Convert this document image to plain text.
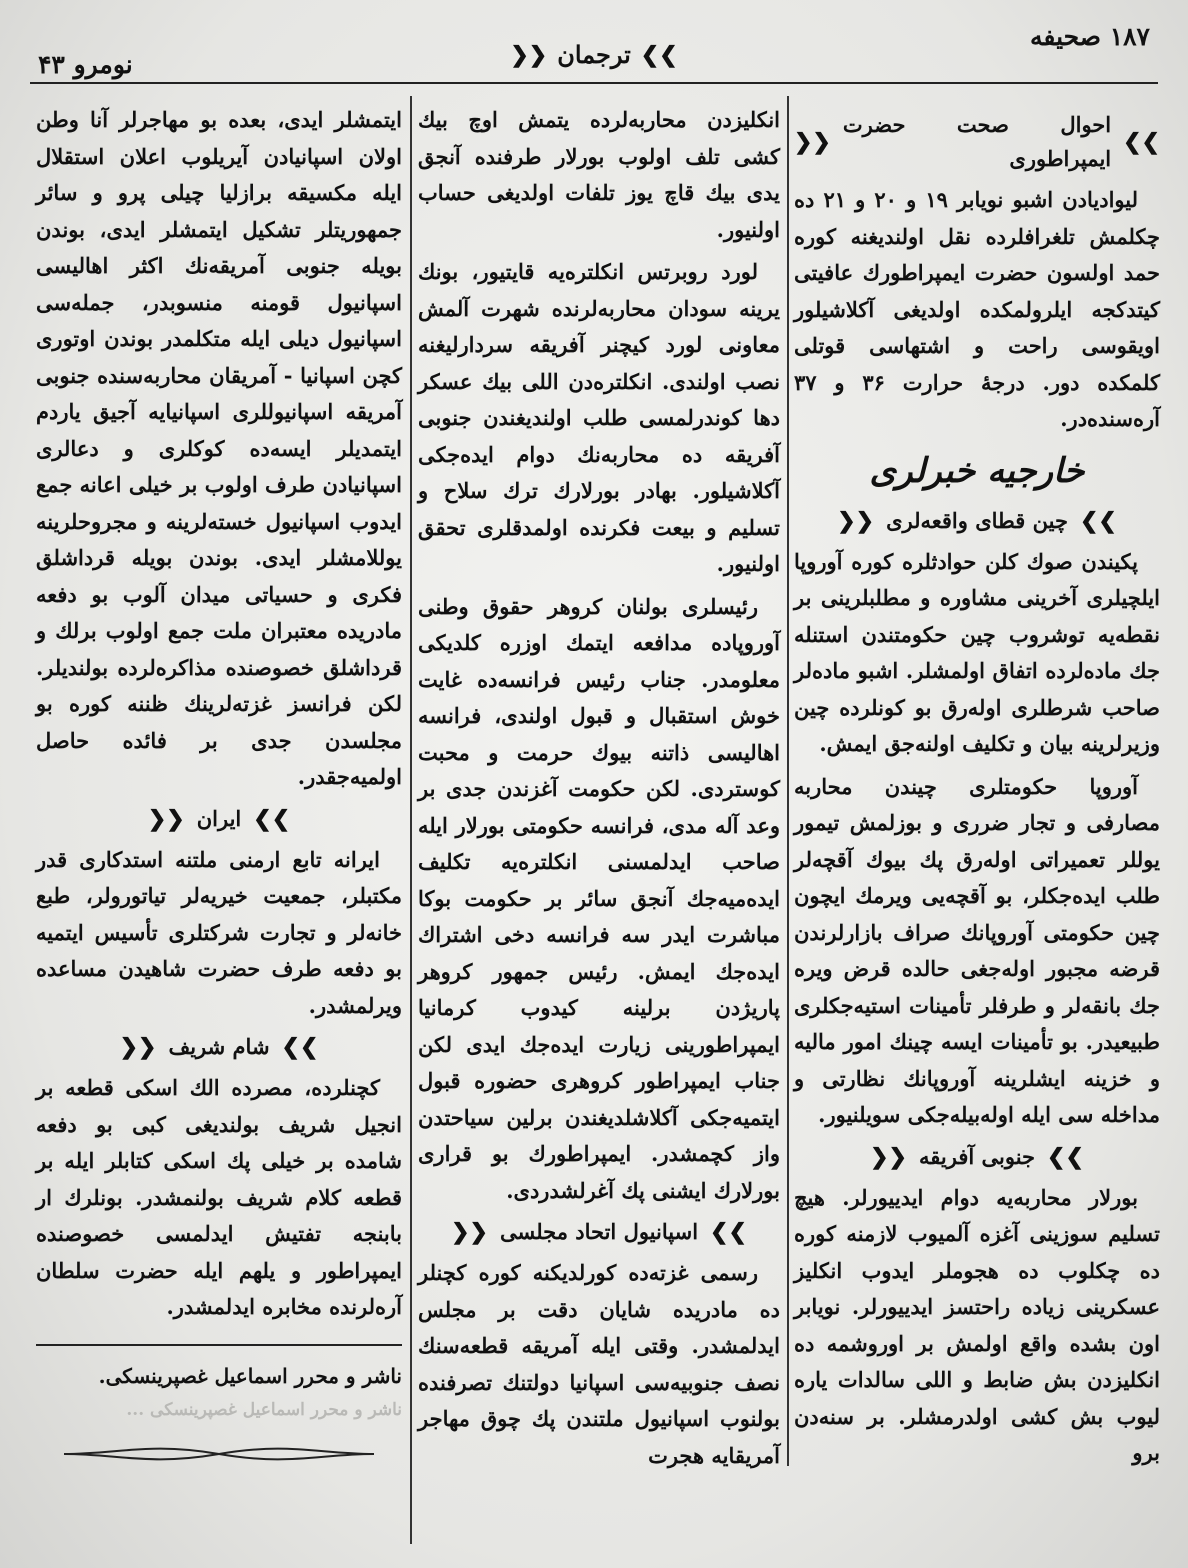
۱۸۷ صحیفه
❯❯
ترجمان
❮❮
نومرو ۴۳
❯❯
احوال صحت حضرت ایمپراطوری
❮❮

لیوادیادن اشبو نویابر ۱۹ و ۲۰ و ۲۱ ده چکلمش تلغرافلرده نقل اولندیغنه کوره حمد اولسون حضرت ایمپراطورك عافیتی کیتدکجه ایلرولمکده اولدیغی آکلاشیلور اویقوسی راحت و اشتهاسی قوتلی کلمکده دور. درجهٔ حرارت ۳۶ و ۳۷ آره‌سنده‌در.

خارجیه خبرلری
❯❯
چین قطای واقعه‌لری
❮❮

پکیندن صوك کلن حوادثلره کوره آوروپا ایلچیلری آخرینی مشاوره و مطلبلرینی بر نقطه‌یه توشروب چین حکومتندن استنله جك ماده‌لرده اتفاق اولمشلر. اشبو ماده‌لر صاحب شرطلری اوله‌رق بو کونلرده چین وزیرلرینه بیان و تکلیف اولنه‌جق ایمش.

آوروپا حکومتلری چیندن محاربه مصارفی و تجار ضرری و بوزلمش تیمور یوللر تعمیراتی اوله‌رق پك بیوك آقچه‌لر طلب ایده‌جکلر، بو آقچه‌یی ویرمك ایچون چین حکومتی آوروپانك صراف بازارلرندن قرضه مجبور اوله‌جغی حالده قرض ویره جك بانقه‌لر و طرفلر تأمینات استیه‌جکلری طبیعیدر. بو تأمینات ایسه چینك امور مالیه و خزینه ایشلرینه آوروپانك نظارتی و مداخله سی ایله اوله‌بیله‌جکی سویلنیور.

❯❯
جنوبی آفریقه
❮❮

بورلار محاربه‌یه دوام ایدییورلر. هیچ تسلیم سوزینی آغزه آلمیوب لازمنه کوره ده چکلوب ده هجوملر ایدوب انکلیز عسکرینی زیاده راحتسز ایدییورلر. نویابر اون بشده واقع اولمش بر اوروشمه ده انکلیزدن بش ضابط و اللی سالدات یاره لیوب بش کشی اولدرمشلر. بر سنه‌دن برو

انکلیزدن محاربه‌لرده یتمش اوچ بیك کشی تلف اولوب بورلار طرفنده آنجق یدی بیك قاچ یوز تلفات اولدیغی حساب اولنیور.

لورد روبرتس انکلتره‌یه قایتیور، بونك یرینه سودان محاربه‌لرنده شهرت آلمش معاونی لورد کیچنر آفریقه سردارلیغنه نصب اولندی. انکلتره‌دن اللی بیك عسکر دها کوندرلمسی طلب اولندیغندن جنوبی آفریقه ده محاربه‌نك دوام ایده‌جکی آکلاشیلور. بهادر بورلارك ترك سلاح و تسلیم و بیعت فکرنده اولمدقلری تحقق اولنیور.

رئیسلری بولنان کروهر حقوق وطنی آوروپاده مدافعه ایتمك اوزره کلدیکی معلومدر. جناب رئیس فرانسه‌ده غایت خوش استقبال و قبول اولندی، فرانسه اهالیسی ذاتنه بیوك حرمت و محبت کوستردی. لکن حکومت آغزندن جدی بر وعد آله مدی، فرانسه حکومتی بورلار ایله صاحب ایدلمسنی انکلتره‌یه تکلیف ایده‌میه‌جك آنجق سائر بر حکومت بوکا مباشرت ایدر سه فرانسه دخی اشتراك ایده‌جك ایمش. رئیس جمهور کروهر پاریژدن برلینه کیدوب کرمانیا ایمپراطورینی زیارت ایده‌جك ایدی لکن جناب ایمپراطور کروهری حضوره قبول ایتمیه‌جکی آکلاشلدیغندن برلین سیاحتدن واز کچمشدر. ایمپراطورك بو قراری بورلارك ایشنی پك آغرلشدردی.

❯❯
اسپانیول اتحاد مجلسی
❮❮

رسمی غزته‌ده کورلدیکنه کوره کچنلر ده مادریده شایان دقت بر مجلس ایدلمشدر. وقتی ایله آمریقه قطعه‌سنك نصف جنوبیه‌سی اسپانیا دولتنك تصرفنده بولنوب اسپانیول ملتندن پك چوق مهاجر آمریقایه هجرت

ایتمشلر ایدی، بعده بو مهاجرلر آنا وطن اولان اسپانیادن آیریلوب اعلان استقلال ایله مکسیقه برازلیا چیلی پرو و سائر جمهوریتلر تشکیل ایتمشلر ایدی، بوندن بویله جنوبی آمریقه‌نك اکثر اهالیسی اسپانیول قومنه منسوبدر، جمله‌سی اسپانیول دیلی ایله متکلمدر بوندن اوتوری کچن اسپانیا - آمریقان محاربه‌سنده جنوبی آمریقه اسپانیوللری اسپانیایه آجیق یاردم ایتمدیلر ایسه‌ده کوکلری و دعالری اسپانیادن طرف اولوب بر خیلی اعانه جمع ایدوب اسپانیول خسته‌لرینه و مجروحلرینه یوللامشلر ایدی. بوندن بویله قرداشلق فکری و حسیاتی میدان آلوب بو دفعه مادریده معتبران ملت جمع اولوب برلك و قرداشلق خصوصنده مذاکره‌لرده بولندیلر. لکن فرانسز غزته‌لرینك ظننه کوره بو مجلسدن جدی بر فائده حاصل اولمیه‌جقدر.

❯❯
ایران
❮❮

ایرانه تابع ارمنی ملتنه استدکاری قدر مکتبلر، جمعیت خیریه‌لر تیاتورولر، طبع خانه‌لر و تجارت شرکتلری تأسیس ایتمیه بو دفعه طرف حضرت شاهیدن مساعده ویرلمشدر.

❯❯
شام شریف
❮❮

کچنلرده، مصرده الك اسکی قطعه بر انجیل شریف بولندیغی کبی بو دفعه شامده بر خیلی پك اسکی کتابلر ایله بر قطعه کلام شریف بولنمشدر. بونلرك ار بابنجه تفتیش ایدلمسی خصوصنده ایمپراطور و یلهم ایله حضرت سلطان آره‌لرنده مخابره ایدلمشدر.

ناشر و محرر اسماعیل غصپرینسکی.
ناشر و محرر اسماعیل غصپرینسکی ...
